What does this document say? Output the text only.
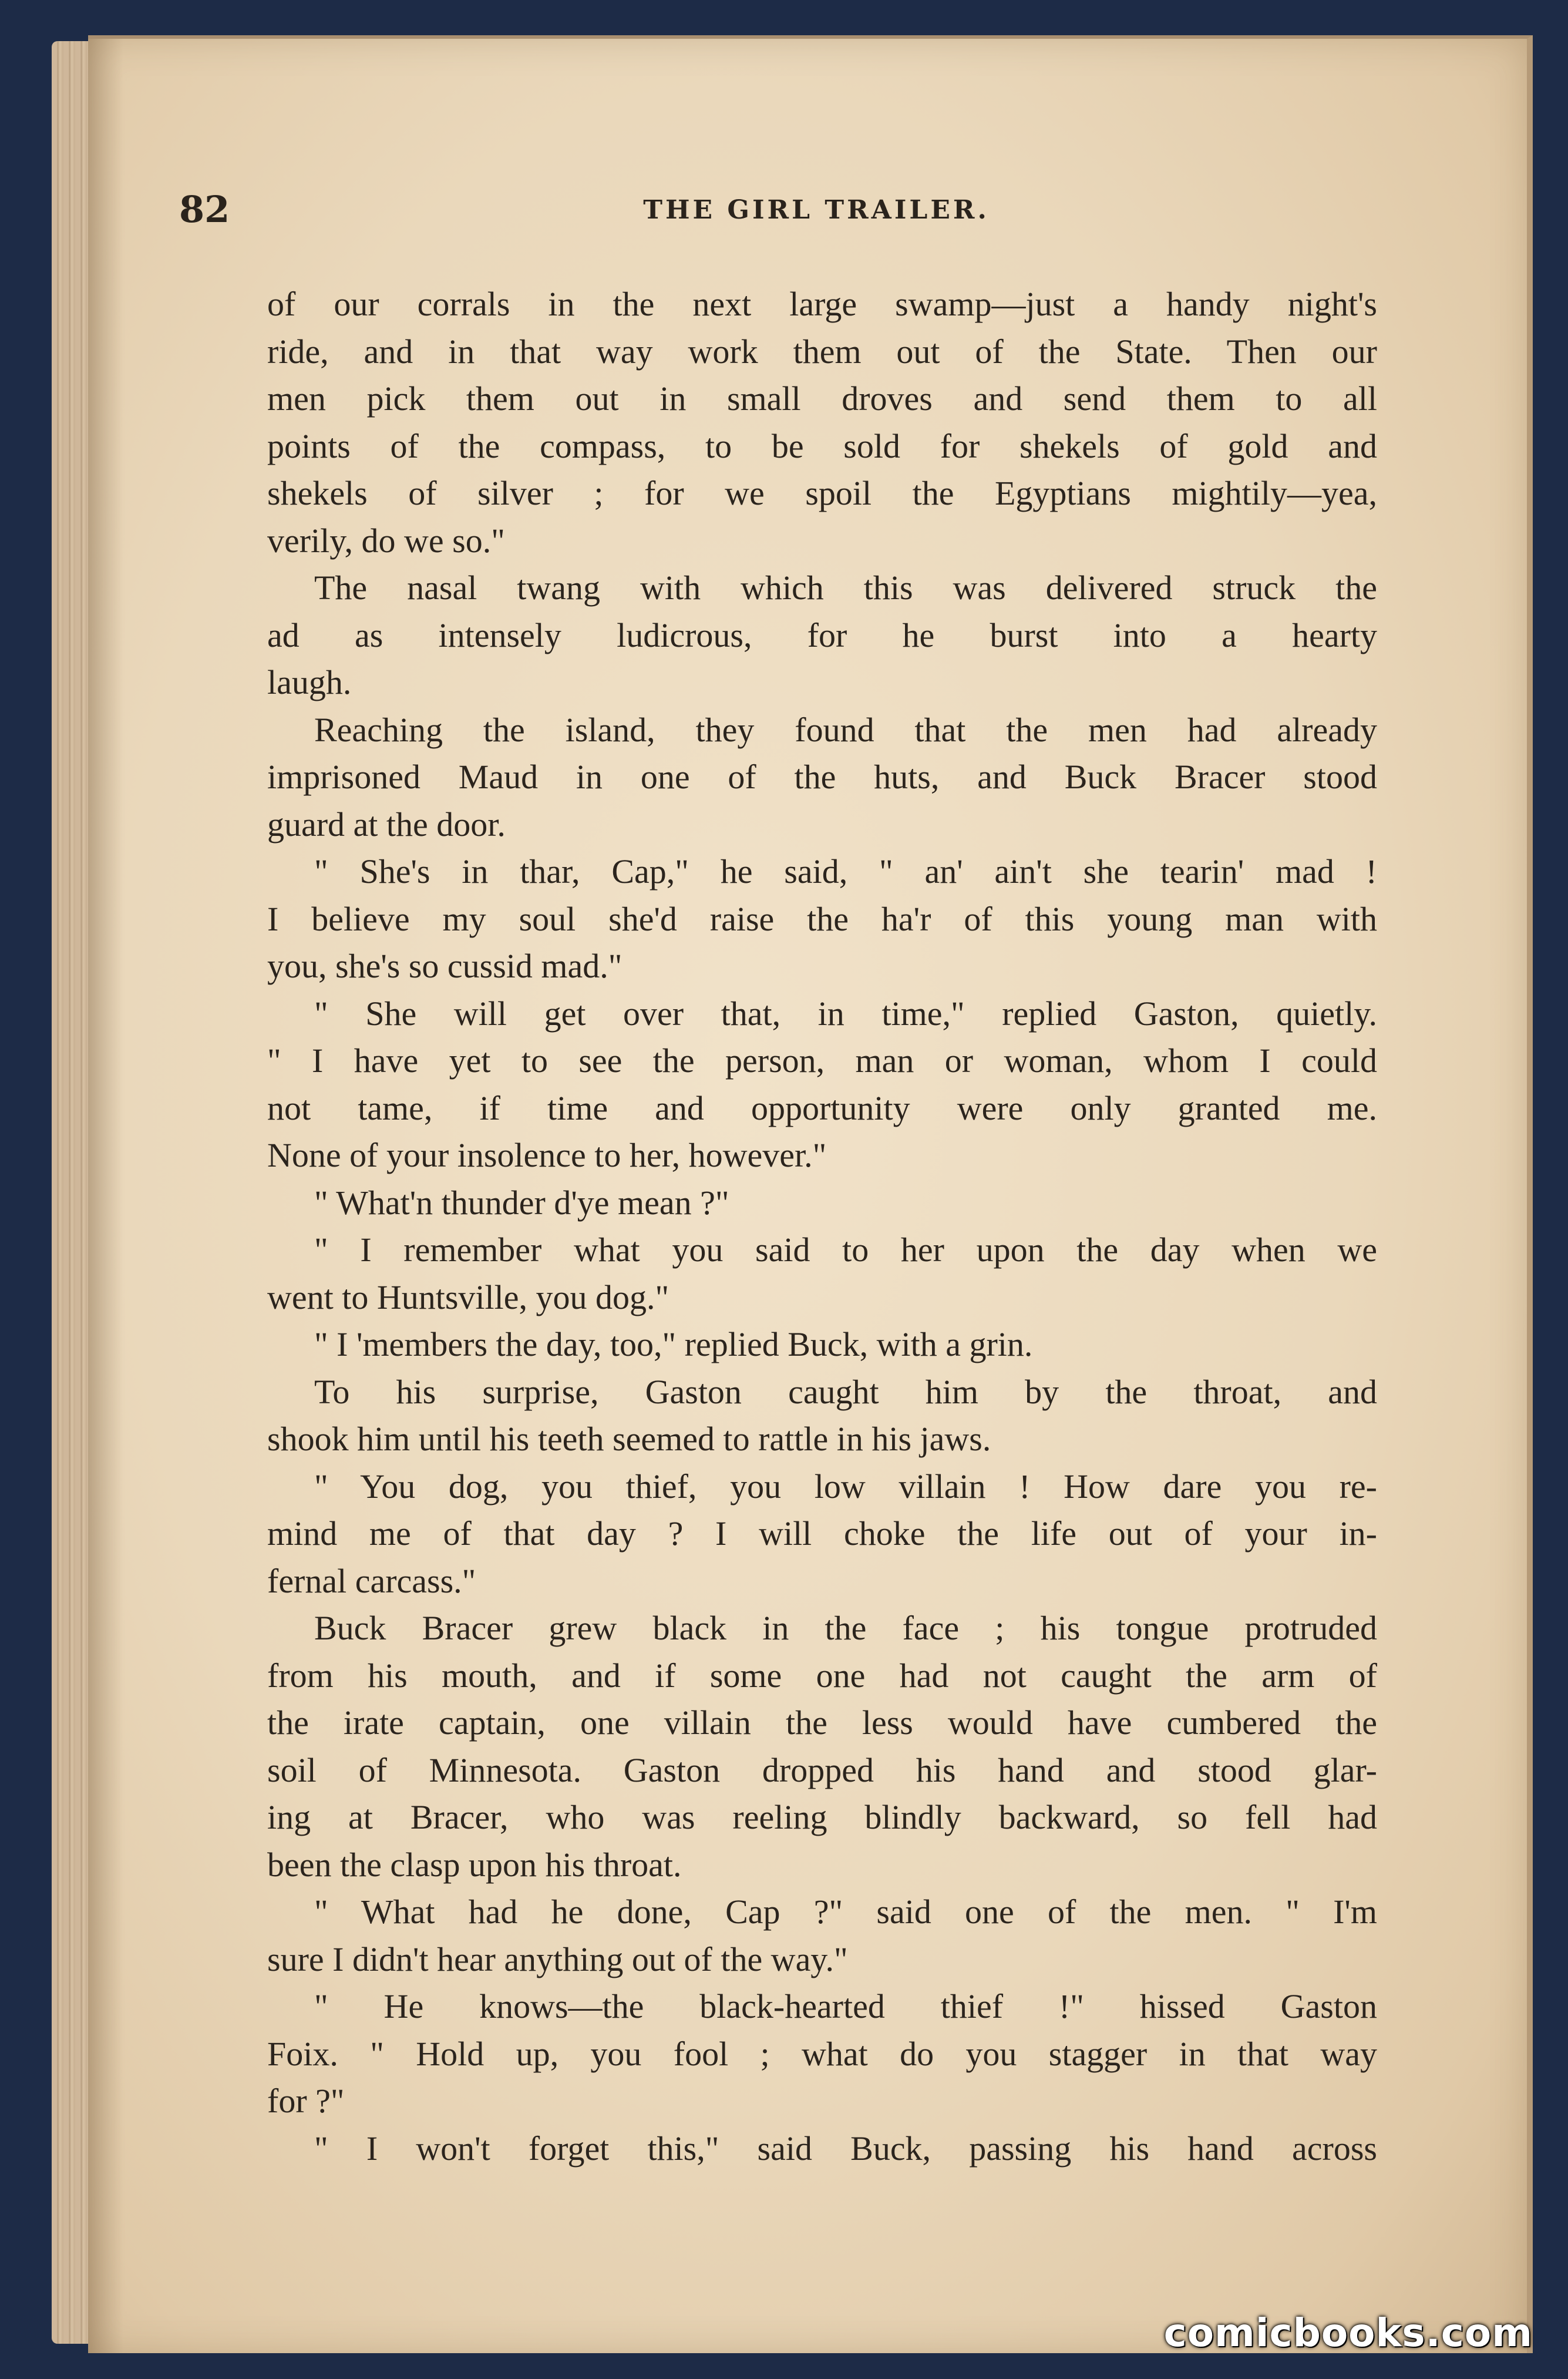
82	THE GIRL TRAILER.
of our corrals in the next large swamp—just a handy night's
ride, and in that way work them out of the State. Then our
men pick them out in small droves and send them to all
points of the compass, to be sold for shekels of gold and
shekels of silver ; for we spoil the Egyptians mightily—yea,
verily, do we so."
The nasal twang with which this was delivered struck the
ad as intensely ludicrous, for he burst into a hearty
laugh.
Reaching the island, they found that the men had already
imprisoned Maud in one of the huts, and Buck Bracer stood
guard at the door.
" She's in thar, Cap," he said, " an' ain't she tearin' mad !
I believe my soul she'd raise the ha'r of this young man with
you, she's so cussid mad."
" She will get over that, in time," replied Gaston, quietly.
" I have yet to see the person, man or woman, whom I could
not tame, if time and opportunity were only granted me.
None of your insolence to her, however."
" What'n thunder d'ye mean ?"
" I remember what you said to her upon the day when we
went to Huntsville, you dog."
" I 'members the day, too," replied Buck, with a grin.
To his surprise, Gaston caught him by the throat, and
shook him until his teeth seemed to rattle in his jaws.
" You dog, you thief, you low villain ! How dare you re-
mind me of that day ? I will choke the life out of your in-
fernal carcass."
Buck Bracer grew black in the face ; his tongue protruded
from his mouth, and if some one had not caught the arm of
the irate captain, one villain the less would have cumbered the
soil of Minnesota. Gaston dropped his hand and stood glar-
ing at Bracer, who was reeling blindly backward, so fell had
been the clasp upon his throat.
" What had he done, Cap ?" said one of the men. " I'm
sure I didn't hear anything out of the way."
" He knows—the black-hearted thief !" hissed Gaston
Foix. " Hold up, you fool ; what do you stagger in that way
for ?"
" I won't forget this," said Buck, passing his hand across
comicbooks.com
